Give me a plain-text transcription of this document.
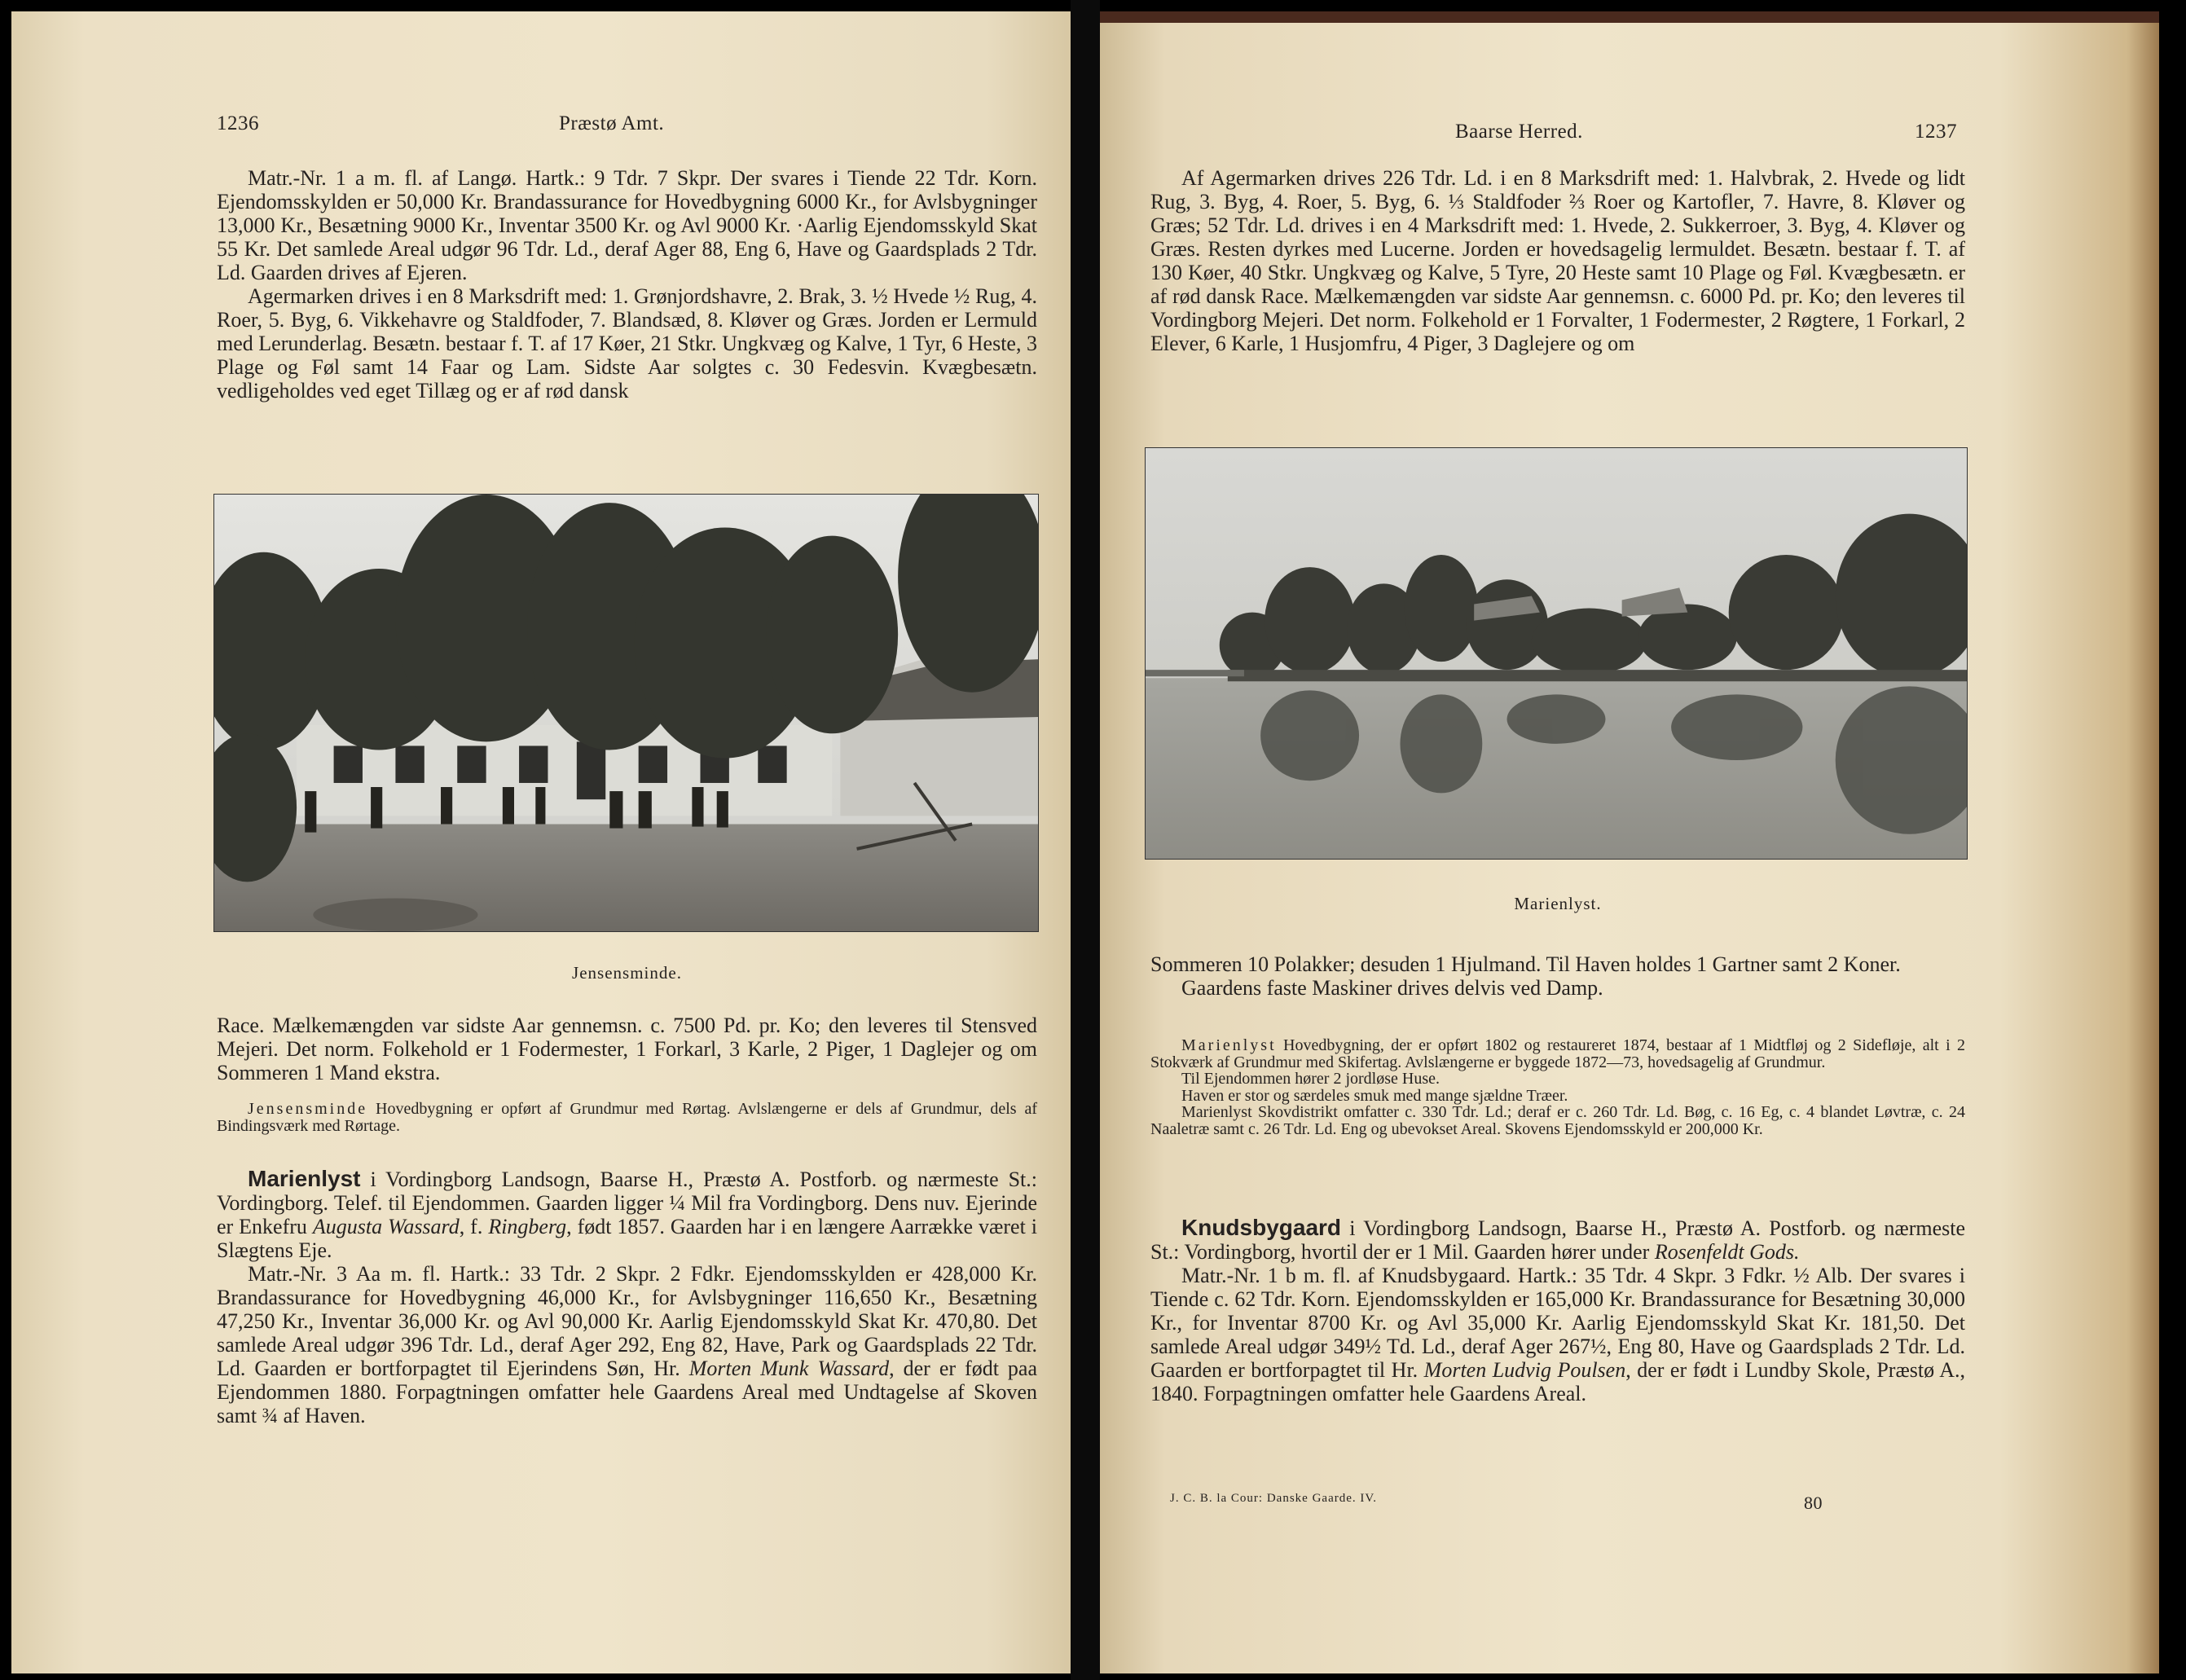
1236	Præstø Amt.

Matr.-Nr. 1 a m. fl. af Langø. Hartk.: 9 Tdr. 7 Skpr. Der svares i Tiende 22 Tdr. Korn. Ejendomsskylden er 50,000 Kr. Brandassurance for Hovedbygning 6000 Kr., for Avlsbygninger 13,000 Kr., Besætning 9000 Kr., Inventar 3500 Kr. og Avl 9000 Kr. ·Aarlig Ejendomsskyld Skat 55 Kr. Det samlede Areal udgør 96 Tdr. Ld., deraf Ager 88, Eng 6, Have og Gaardsplads 2 Tdr. Ld. Gaarden drives af Ejeren.

Agermarken drives i en 8 Marksdrift med: 1. Grønjordshavre, 2. Brak, 3. ½ Hvede ½ Rug, 4. Roer, 5. Byg, 6. Vikkehavre og Staldfoder, 7. Blandsæd, 8. Kløver og Græs. Jorden er Lermuld med Lerunderlag. Besætn. bestaar f. T. af 17 Køer, 21 Stkr. Ungkvæg og Kalve, 1 Tyr, 6 Heste, 3 Plage og Føl samt 14 Faar og Lam. Sidste Aar solgtes c. 30 Fedesvin. Kvægbesætn. vedligeholdes ved eget Tillæg og er af rød dansk

Jensensminde.

Race. Mælkemængden var sidste Aar gennemsn. c. 7500 Pd. pr. Ko; den leveres til Stensved Mejeri. Det norm. Folkehold er 1 Fodermester, 1 Forkarl, 3 Karle, 2 Piger, 1 Daglejer og om Sommeren 1 Mand ekstra.

Jensensminde Hovedbygning er opført af Grundmur med Rørtag. Avlslængerne er dels af Grundmur, dels af Bindingsværk med Rørtage.

Marienlyst i Vordingborg Landsogn, Baarse H., Præstø A. Postforb. og nærmeste St.: Vordingborg. Telef. til Ejendommen. Gaarden ligger ¼ Mil fra Vordingborg. Dens nuv. Ejerinde er Enkefru Augusta Wassard, f. Ringberg, født 1857. Gaarden har i en længere Aarrække været i Slægtens Eje.

Matr.-Nr. 3 Aa m. fl. Hartk.: 33 Tdr. 2 Skpr. 2 Fdkr. Ejendomsskylden er 428,000 Kr. Brandassurance for Hovedbygning 46,000 Kr., for Avlsbygninger 116,650 Kr., Besætning 47,250 Kr., Inventar 36,000 Kr. og Avl 90,000 Kr. Aarlig Ejendomsskyld Skat Kr. 470,80. Det samlede Areal udgør 396 Tdr. Ld., deraf Ager 292, Eng 82, Have, Park og Gaardsplads 22 Tdr. Ld. Gaarden er bortforpagtet til Ejerindens Søn, Hr. Morten Munk Wassard, der er født paa Ejendommen 1880. Forpagtningen omfatter hele Gaardens Areal med Undtagelse af Skoven samt ¾ af Haven.

Baarse Herred.	1237

Af Agermarken drives 226 Tdr. Ld. i en 8 Marksdrift med: 1. Halvbrak, 2. Hvede og lidt Rug, 3. Byg, 4. Roer, 5. Byg, 6. ⅓ Staldfoder ⅔ Roer og Kartofler, 7. Havre, 8. Kløver og Græs; 52 Tdr. Ld. drives i en 4 Marksdrift med: 1. Hvede, 2. Sukkerroer, 3. Byg, 4. Kløver og Græs. Resten dyrkes med Lucerne. Jorden er hovedsagelig lermuldet. Besætn. bestaar f. T. af 130 Køer, 40 Stkr. Ungkvæg og Kalve, 5 Tyre, 20 Heste samt 10 Plage og Føl. Kvægbesætn. er af rød dansk Race. Mælkemængden var sidste Aar gennemsn. c. 6000 Pd. pr. Ko; den leveres til Vordingborg Mejeri. Det norm. Folkehold er 1 Forvalter, 1 Fodermester, 2 Røgtere, 1 Forkarl, 2 Elever, 6 Karle, 1 Husjomfru, 4 Piger, 3 Daglejere og om

Marienlyst.

Sommeren 10 Polakker; desuden 1 Hjulmand. Til Haven holdes 1 Gartner samt 2 Koner.

Gaardens faste Maskiner drives delvis ved Damp.

Marienlyst Hovedbygning, der er opført 1802 og restaureret 1874, bestaar af 1 Midtfløj og 2 Sidefløje, alt i 2 Stokværk af Grundmur med Skifertag. Avlslængerne er byggede 1872—73, hovedsagelig af Grundmur.

Til Ejendommen hører 2 jordløse Huse.

Haven er stor og særdeles smuk med mange sjældne Træer.

Marienlyst Skovdistrikt omfatter c. 330 Tdr. Ld.; deraf er c. 260 Tdr. Ld. Bøg, c. 16 Eg, c. 4 blandet Løvtræ, c. 24 Naaletræ samt c. 26 Tdr. Ld. Eng og ubevokset Areal. Skovens Ejendomsskyld er 200,000 Kr.

Knudsbygaard i Vordingborg Landsogn, Baarse H., Præstø A. Postforb. og nærmeste St.: Vordingborg, hvortil der er 1 Mil. Gaarden hører under Rosenfeldt Gods.

Matr.-Nr. 1 b m. fl. af Knudsbygaard. Hartk.: 35 Tdr. 4 Skpr. 3 Fdkr. ½ Alb. Der svares i Tiende c. 62 Tdr. Korn. Ejendomsskylden er 165,000 Kr. Brandassurance for Besætning 30,000 Kr., for Inventar 8700 Kr. og Avl 35,000 Kr. Aarlig Ejendomsskyld Skat Kr. 181,50. Det samlede Areal udgør 349½ Td. Ld., deraf Ager 267½, Eng 80, Have og Gaardsplads 2 Tdr. Ld. Gaarden er bortforpagtet til Hr. Morten Ludvig Poulsen, der er født i Lundby Skole, Præstø A., 1840. Forpagtningen omfatter hele Gaardens Areal.

J. C. B. la Cour: Danske Gaarde. IV.	80
